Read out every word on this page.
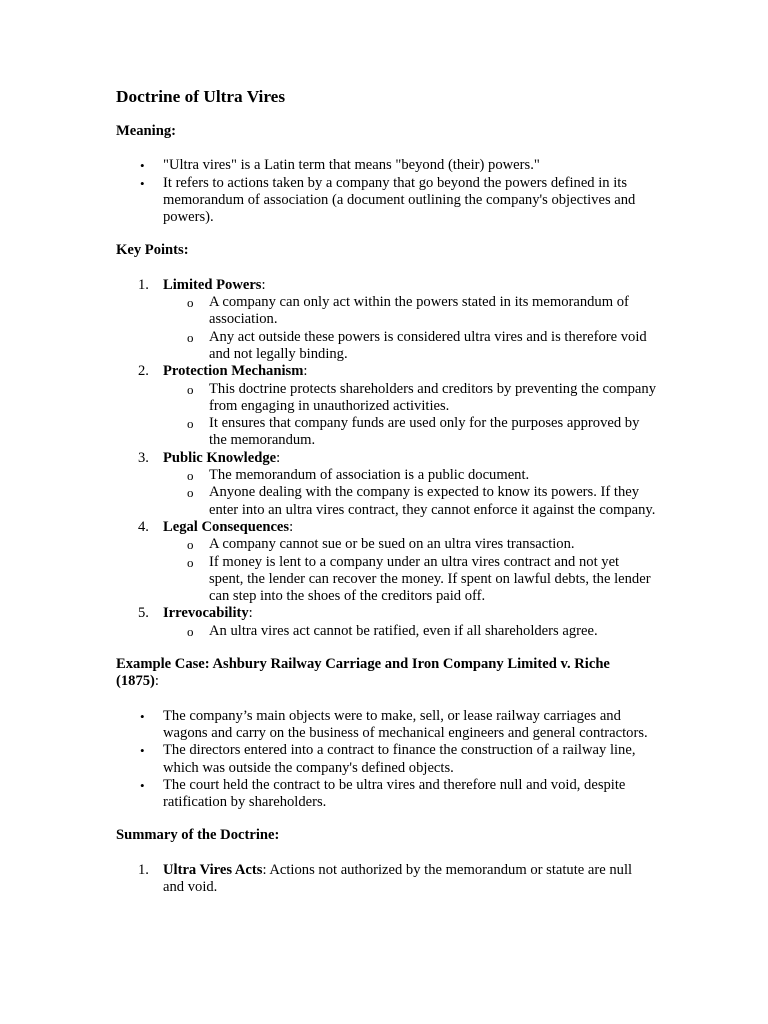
Doctrine of Ultra Vires

Meaning:

• "Ultra vires" is a Latin term that means "beyond (their) powers."
• It refers to actions taken by a company that go beyond the powers defined in its memorandum of association (a document outlining the company's objectives and powers).

Key Points:

1. Limited Powers:
o A company can only act within the powers stated in its memorandum of association.
o Any act outside these powers is considered ultra vires and is therefore void and not legally binding.
2. Protection Mechanism:
o This doctrine protects shareholders and creditors by preventing the company from engaging in unauthorized activities.
o It ensures that company funds are used only for the purposes approved by the memorandum.
3. Public Knowledge:
o The memorandum of association is a public document.
o Anyone dealing with the company is expected to know its powers. If they enter into an ultra vires contract, they cannot enforce it against the company.
4. Legal Consequences:
o A company cannot sue or be sued on an ultra vires transaction.
o If money is lent to a company under an ultra vires contract and not yet spent, the lender can recover the money. If spent on lawful debts, the lender can step into the shoes of the creditors paid off.
5. Irrevocability:
o An ultra vires act cannot be ratified, even if all shareholders agree.

Example Case: Ashbury Railway Carriage and Iron Company Limited v. Riche (1875):

• The company’s main objects were to make, sell, or lease railway carriages and wagons and carry on the business of mechanical engineers and general contractors.
• The directors entered into a contract to finance the construction of a railway line, which was outside the company's defined objects.
• The court held the contract to be ultra vires and therefore null and void, despite ratification by shareholders.

Summary of the Doctrine:

1. Ultra Vires Acts: Actions not authorized by the memorandum or statute are null and void.
